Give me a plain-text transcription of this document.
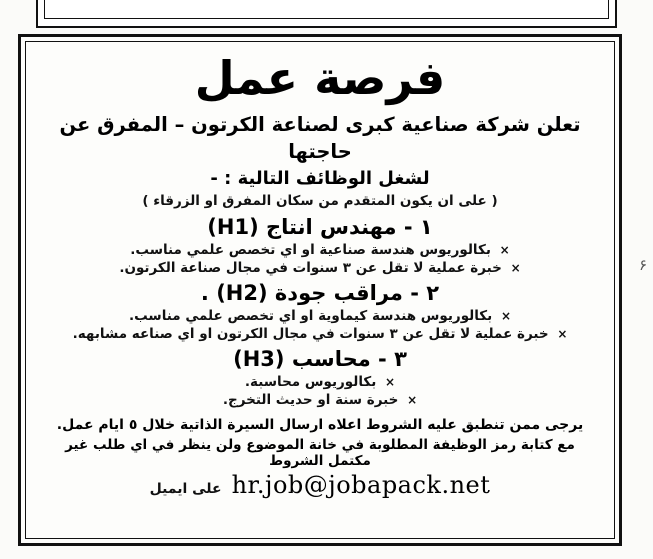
۶
فرصة عمل
تعلن شركة صناعية كبرى لصناعة الكرتون – المفرق عن حاجتها
لشغل الوظائف التالية : -
( على ان يكون المتقدم من سكان المفرق او الزرقاء )
١ - مهندس انتاج (H1)
× بكالوريوس هندسة صناعية او اي تخصص علمي مناسب.
× خبرة عملية لا تقل عن ٣ سنوات في مجال صناعة الكرتون.
٢ - مراقب جودة (H2) .
× بكالوريوس هندسة كيماوية او اي تخصص علمي مناسب.
× خبرة عملية لا تقل عن ٣ سنوات في مجال الكرتون او اي صناعه مشابهه.
٣ - محاسب (H3)
× بكالوريوس محاسبة.
× خبرة سنة او حديث التخرج.
يرجى ممن تنطبق عليه الشروط اعلاه ارسال السيرة الذاتية خلال ٥ ايام عمل.
مع كتابة رمز الوظيفة المطلوبة في خانة الموضوع ولن ينظر في اي طلب غير مكتمل الشروط
على ايميل hr.job@jobapack.net
